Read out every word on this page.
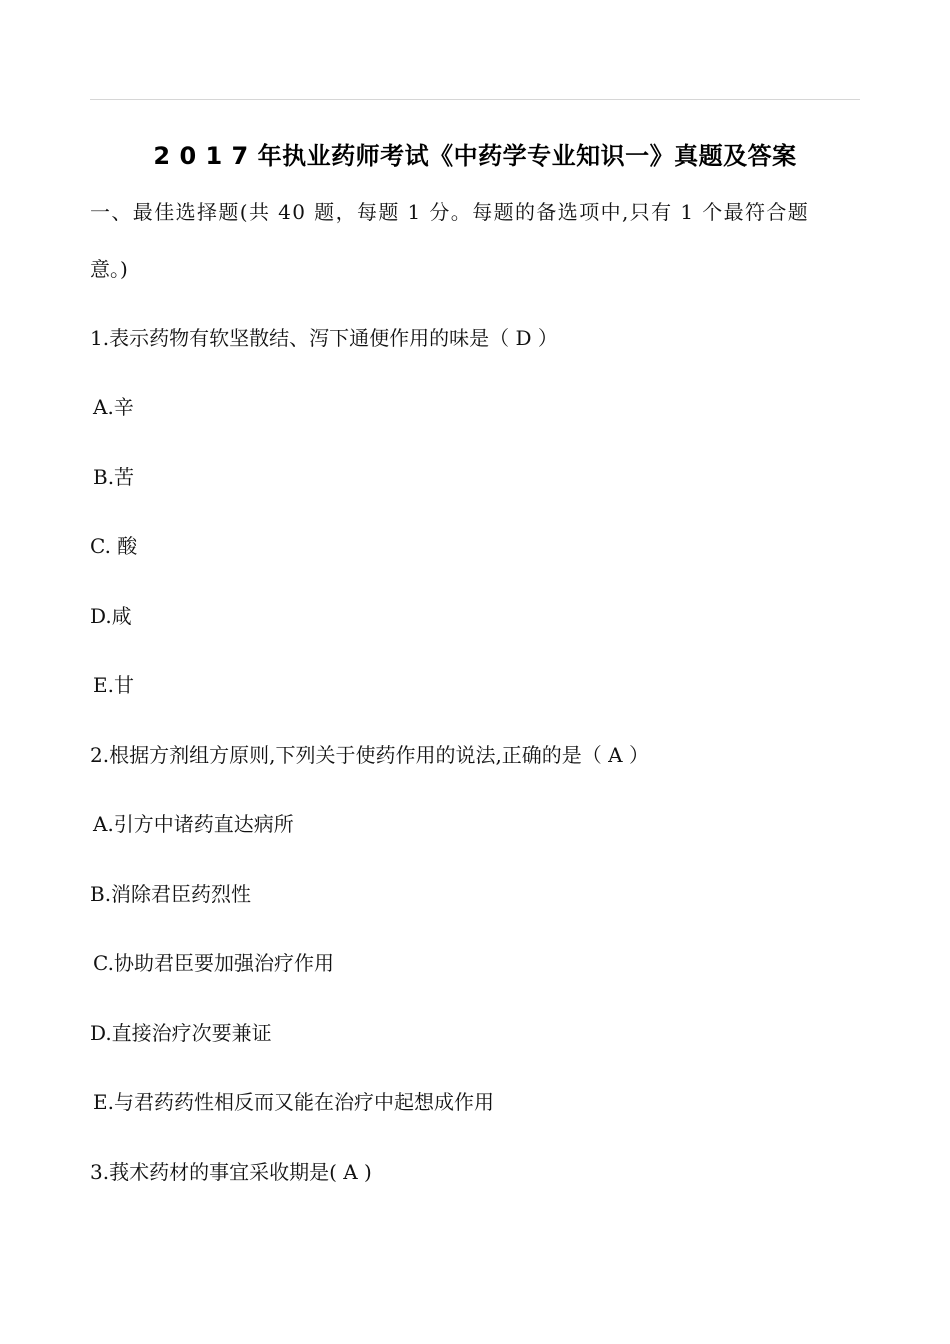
2 0 1 7 年执业药师考试《中药学专业知识一》真题及答案
一、最佳选择题(共 40 题，每题 1 分。每题的备选项中,只有 1 个最符合题
意。)
1.表示药物有软坚散结、泻下通便作用的味是（ D ）
A.辛
B.苦
C. 酸
D.咸
E.甘
2.根据方剂组方原则,下列关于使药作用的说法,正确的是（ A ）
A.引方中诸药直达病所
B.消除君臣药烈性
C.协助君臣要加强治疗作用
D.直接治疗次要兼证
E.与君药药性相反而又能在治疗中起想成作用
3.莪术药材的事宜采收期是( A )
